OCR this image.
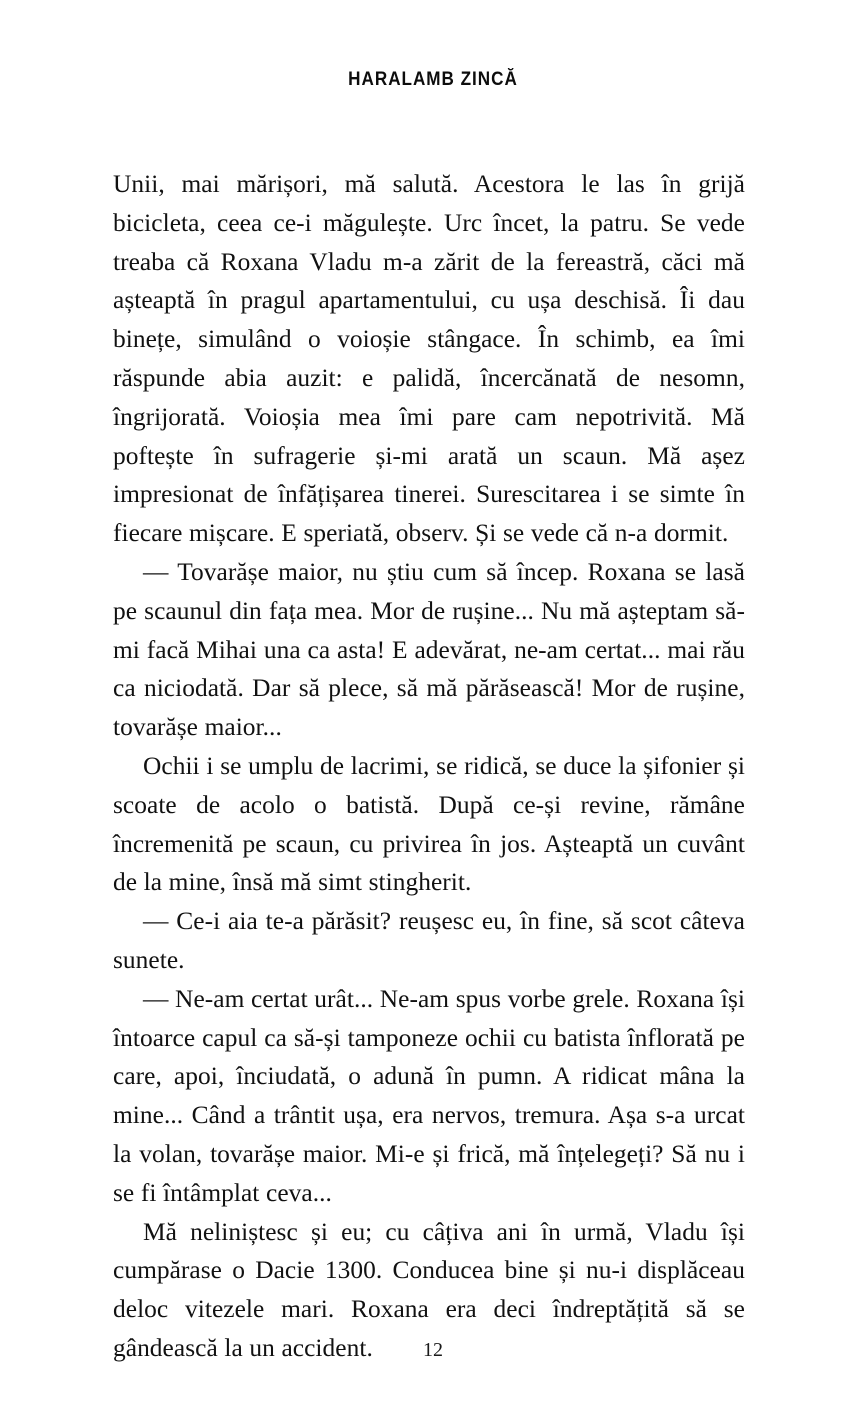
HARALAMB ZINCĂ

Unii, mai mărișori, mă salută. Acestora le las în grijă bicicleta, ceea ce-i măgulește. Urc încet, la patru. Se vede treaba că Roxana Vladu m-a zărit de la fereastră, căci mă așteaptă în pragul apartamentului, cu ușa deschisă. Îi dau binețe, simulând o voioșie stângace. În schimb, ea îmi răspunde abia auzit: e palidă, încercănată de nesomn, îngrijorată. Voioșia mea îmi pare cam nepotrivită. Mă poftește în sufragerie și-mi arată un scaun. Mă așez impresionat de înfățișarea tinerei. Surescitarea i se simte în fiecare mișcare. E speriată, observ. Și se vede că n-a dormit.

— Tovarășe maior, nu știu cum să încep. Roxana se lasă pe scaunul din fața mea. Mor de rușine... Nu mă așteptam să-mi facă Mihai una ca asta! E adevărat, ne-am certat... mai rău ca niciodată. Dar să plece, să mă părăsească! Mor de rușine, tovarășe maior...

Ochii i se umplu de lacrimi, se ridică, se duce la șifonier și scoate de acolo o batistă. După ce-și revine, rămâne încremenită pe scaun, cu privirea în jos. Așteaptă un cuvânt de la mine, însă mă simt stingherit.

— Ce-i aia te-a părăsit? reușesc eu, în fine, să scot câteva sunete.

— Ne-am certat urât... Ne-am spus vorbe grele. Roxana își întoarce capul ca să-și tamponeze ochii cu batista înflorată pe care, apoi, înciudată, o adună în pumn. A ridicat mâna la mine... Când a trântit ușa, era nervos, tremura. Așa s-a urcat la volan, tovarășe maior. Mi-e și frică, mă înțelegeți? Să nu i se fi întâmplat ceva...

Mă neliniștesc și eu; cu câțiva ani în urmă, Vladu își cumpărase o Dacie 1300. Conducea bine și nu-i displăceau deloc vitezele mari. Roxana era deci îndreptățită să se gândească la un accident.	12
